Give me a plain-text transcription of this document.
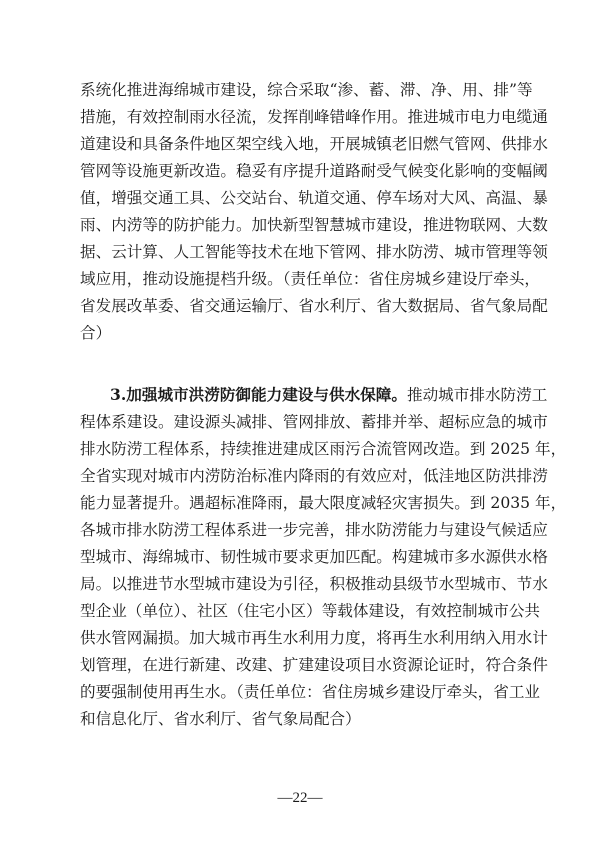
系统化推进海绵城市建设，综合采取“渗、蓄、滞、净、用、排”等
措施，有效控制雨水径流，发挥削峰错峰作用。推进城市电力电缆通
道建设和具备条件地区架空线入地，开展城镇老旧燃气管网、供排水
管网等设施更新改造。稳妥有序提升道路耐受气候变化影响的变幅阈
值，增强交通工具、公交站台、轨道交通、停车场对大风、高温、暴
雨、内涝等的防护能力。加快新型智慧城市建设，推进物联网、大数
据、云计算、人工智能等技术在地下管网、排水防涝、城市管理等领
域应用，推动设施提档升级。（责任单位：省住房城乡建设厅牵头，
省发展改革委、省交通运输厅、省水利厅、省大数据局、省气象局配
合）
3.加强城市洪涝防御能力建设与供水保障。推动城市排水防涝工
程体系建设。建设源头减排、管网排放、蓄排并举、超标应急的城市
排水防涝工程体系，持续推进建成区雨污合流管网改造。到 2025 年，
全省实现对城市内涝防治标准内降雨的有效应对，低洼地区防洪排涝
能力显著提升。遇超标准降雨，最大限度减轻灾害损失。到 2035 年，
各城市排水防涝工程体系进一步完善，排水防涝能力与建设气候适应
型城市、海绵城市、韧性城市要求更加匹配。构建城市多水源供水格
局。以推进节水型城市建设为引径，积极推动县级节水型城市、节水
型企业（单位）、社区（住宅小区）等载体建设，有效控制城市公共
供水管网漏损。加大城市再生水利用力度，将再生水利用纳入用水计
划管理，在进行新建、改建、扩建建设项目水资源论证时，符合条件
的要强制使用再生水。（责任单位：省住房城乡建设厅牵头，省工业
和信息化厅、省水利厅、省气象局配合）
—22—
